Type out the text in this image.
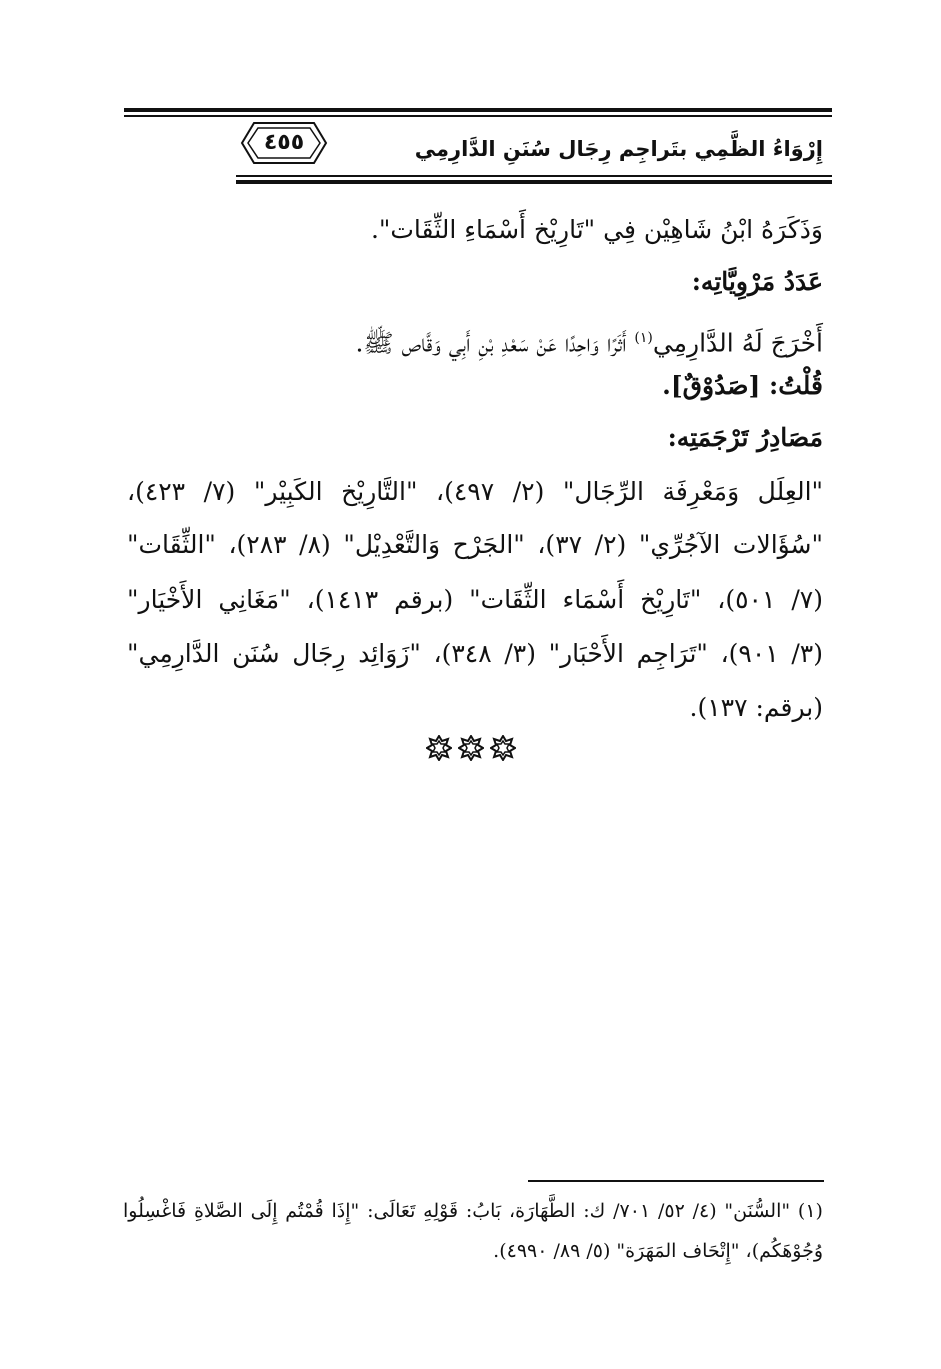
٤٥٥	إِرْوَاءُ الظَّمِي بتَراجِم رِجَال سُنَنِ الدَّارِمِي
وَذَكَرَهُ ابْنُ شَاهِيْن فِي "تَارِيْخ أَسْمَاءِ الثِّقَات".
عَدَدُ مَرْوِيَّاتِه:
أَخْرَجَ لَهُ الدَّارِمِي$^{(١)}$ أَثَرًا وَاحِدًا عَنْ سَعْدِ بْنِ أَبِي وَقَّاص ﷺ.
قُلْتُ: [صَدُوْقٌ].
مَصَادِرُ تَرْجَمَتِه:
"العِلَل وَمَعْرِفَة الرِّجَال" (٢/ ٤٩٧)، "التَّارِيْخ الكَبِيْر" (٧/ ٤٢٣)،
"سُؤَالات الآجُرِّي" (٢/ ٣٧)، "الجَرْح وَالتَّعْدِيْل" (٨/ ٢٨٣)، "الثِّقَات"
(٧/ ٥٠١)، "تَارِيْخ أَسْمَاء الثِّقَات" (برقم ١٤١٣)، "مَغَانِي الأَخْيَار"
(٣/ ٩٠١)، "تَرَاجِم الأَحْبَار" (٣/ ٣٤٨)، "زَوَائِد رِجَال سُنَن الدَّارِمِي"
(برقم: ١٣٧).
(١) "السُّنَن" (٤/ ٥٢/ ٧٠١/ ك: الطَّهَارَة، بَابُ: قَوْلِهِ تَعَالَى: "إِذَا قُمْتُم إِلَى الصَّلاةِ فَاغْسِلُوا
وُجُوْهَكُم)، "إِتْحَاف المَهَرَة" (٥/ ٨٩/ ٤٩٩٠).
